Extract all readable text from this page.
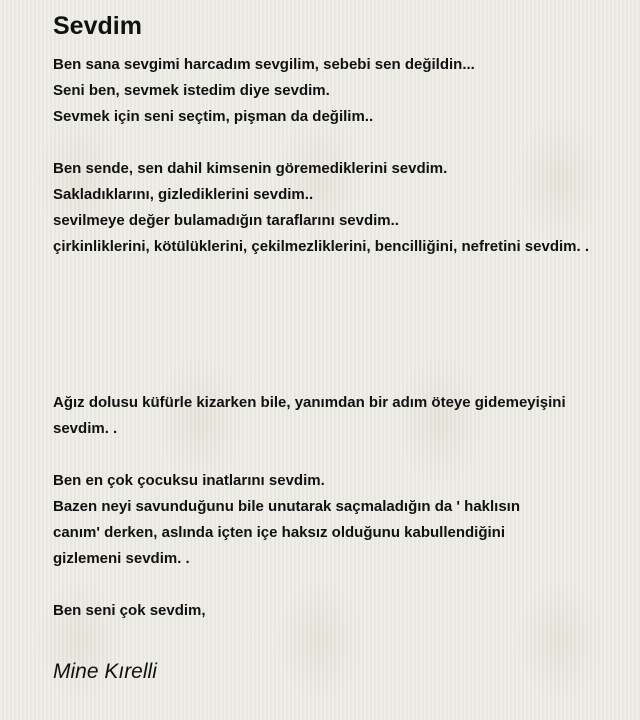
Sevdim
Ben sana sevgimi harcadım sevgilim, sebebi sen değildin...
Seni ben, sevmek istedim diye sevdim.
Sevmek için seni seçtim, pişman da değilim..
Ben sende, sen dahil kimsenin göremediklerini sevdim.
Sakladıklarını, gizlediklerini sevdim..
sevilmeye değer bulamadığın taraflarını sevdim..
çirkinliklerini, kötülüklerini, çekilmezliklerini, bencilliğini, nefretini sevdim. .
Ağız dolusu küfürle kizarken bile, yanımdan bir adım öteye gidemeyişini sevdim. .
Ben en çok çocuksu inatlarını sevdim.
Bazen neyi savunduğunu bile unutarak saçmaladığın da ' haklısın canım' derken, aslında içten içe haksız olduğunu kabullendiğini gizlemeni sevdim. .
Ben seni çok sevdim,
Mine Kırelli
